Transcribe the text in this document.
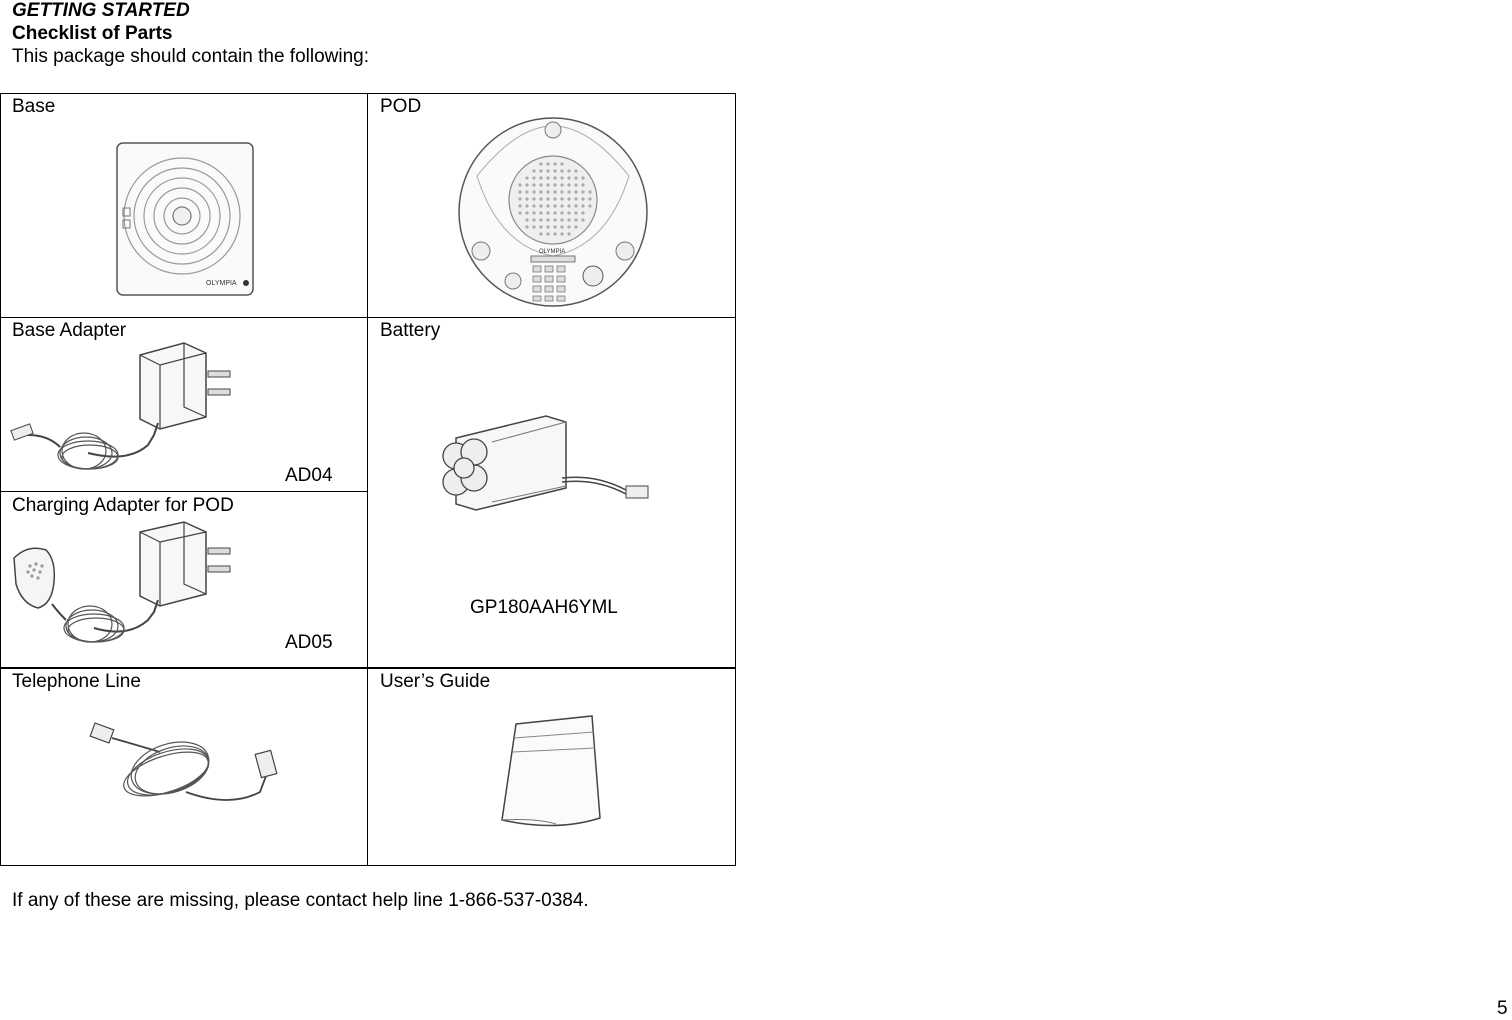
GETTING STARTED
Checklist of Parts
This package should contain the following:
Base
OLYMPIA
POD
OLYMPIA
Base Adapter
AD04
Battery
GP180AAH6YML
Charging Adapter for POD
AD05
Telephone Line	User’s Guide
If any of these are missing, please contact help line 1-866-537-0384.
5
